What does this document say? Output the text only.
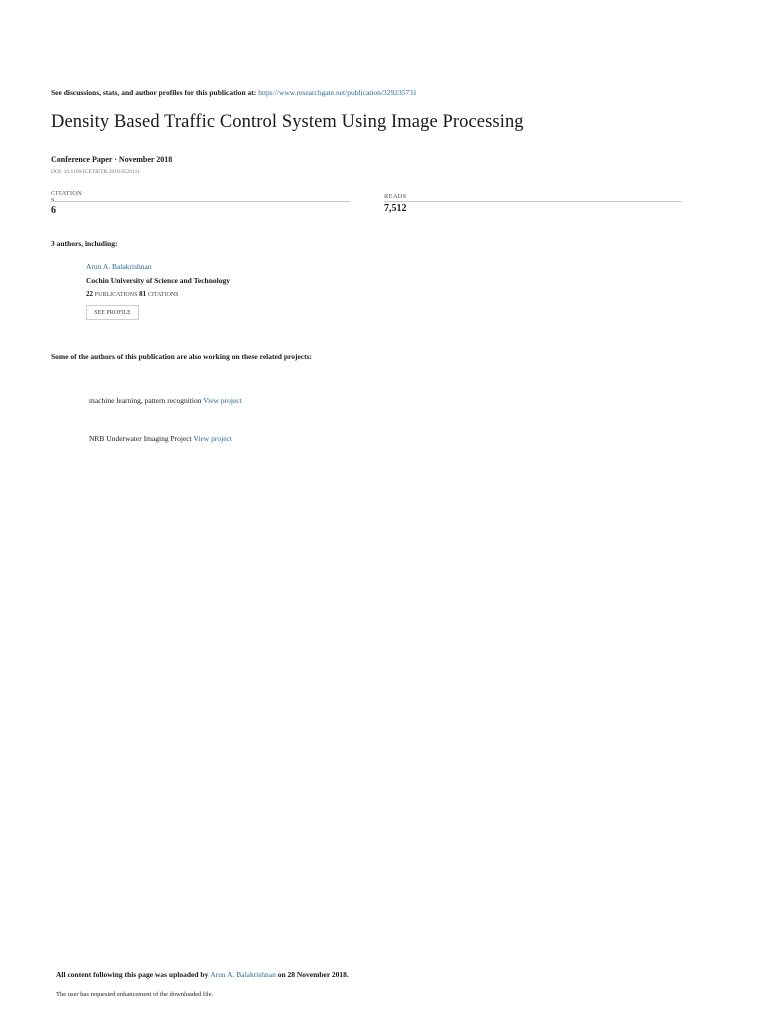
See discussions, stats, and author profiles for this publication at: https://www.researchgate.net/publication/329235731
Density Based Traffic Control System Using Image Processing
Conference Paper · November 2018
DOI: 10.1109/ICETIETR.2018.8529111
CITATION
S
6
READS
7,512
3 authors, including:
Arun A. Balakrishnan
Cochin University of Science and Technology
22 PUBLICATIONS 81 CITATIONS
SEE PROFILE
Some of the authors of this publication are also working on these related projects:
machine learning, pattern recognition View project
NRB Underwater Imaging Project View project
All content following this page was uploaded by Arun A. Balakrishnan on 28 November 2018.
The user has requested enhancement of the downloaded file.
